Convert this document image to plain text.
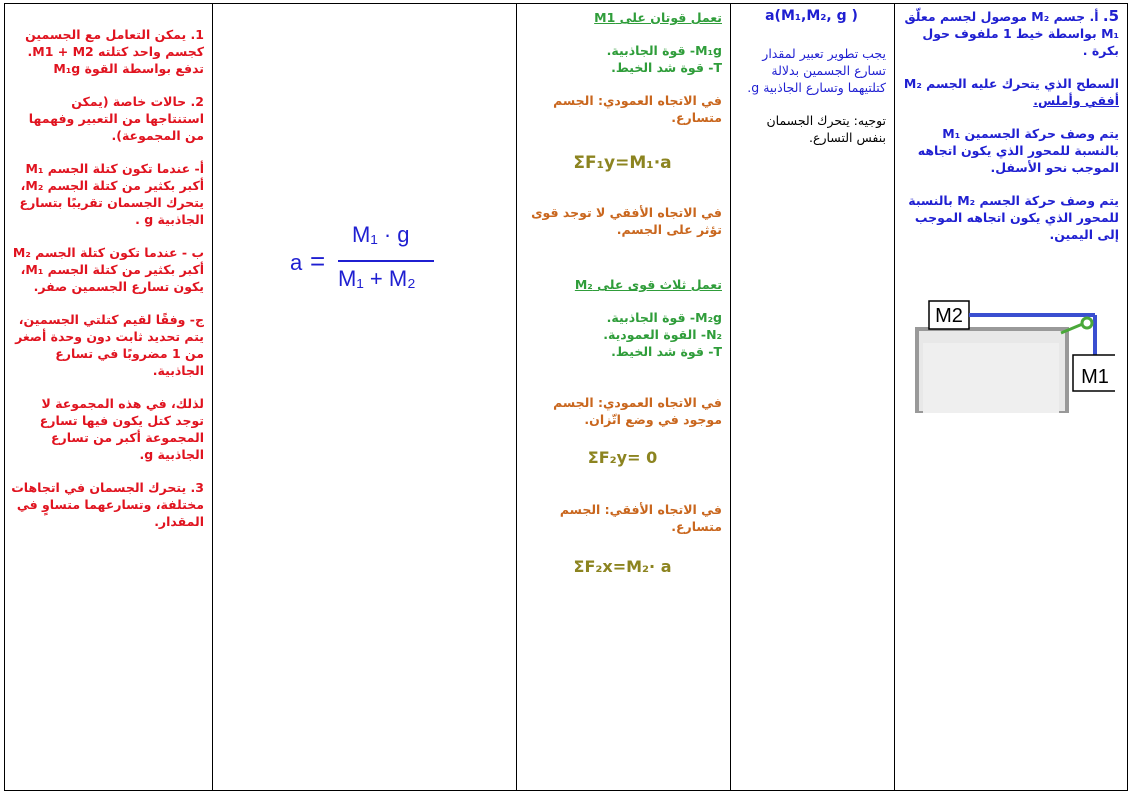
1. يمكن التعامل مع الجسمين كجسم واحد كتلته M1 + M2. تدفع بواسطة القوة M₁g

2. حالات خاصة (يمكن استنتاجها من التعبير وفهمها من المجموعة).

أ- عندما تكون كتلة الجسم M₁ أكبر بكثير من كتلة الجسم M₂، يتحرك الجسمان تقريبًا بتسارع الجاذبية g .

ب - عندما تكون كتلة الجسم M₂ أكبر بكثير من كتلة الجسم M₁، يكون تسارع الجسمين صفر.

ج- وفقًا لقيم كتلتي الجسمين، يتم تحديد ثابت دون وحدة أصغر من 1 مضروبًا في تسارع الجاذبية.

لذلك، في هذه المجموعة لا توجد كتل يكون فيها تسارع المجموعة أكبر من تسارع الجاذبية g.

3. يتحرك الجسمان في اتجاهات مختلفة، وتسارعهما متساوٍ في المقدار.

تعمل قوتان على M1

M₁g- قوة الجاذبية.

T- قوة شد الخيط.

في الاتجاه العمودي: الجسم متسارع.

ΣF₁y=M₁·a

في الاتجاه الأفقي لا توجد قوى تؤثر على الجسم.

تعمل ثلاث قوى على M₂

M₂g- قوة الجاذبية.

N₂- القوة العمودية.

T- قوة شد الخيط.

في الاتجاه العمودي: الجسم موجود في وضع اتّزان.

ΣF₂y= 0

في الاتجاه الأفقي: الجسم متسارع.

ΣF₂x=M₂· a

a(M₁,M₂, g )

يجب تطوير تعبير لمقدار تسارع الجسمين بدلالة كتلتيهما وتسارع الجاذبية g.

توجيه: يتحرك الجسمان بنفس التسارع.

5. أ. جسم M₂ موصول لجسم معلّق M₁ بواسطة خيط 1 ملفوف حول بكرة .

السطح الذي يتحرك عليه الجسم M₂ أفقي وأملس.

يتم وصف حركة الجسمين M₁ بالنسبة للمحور الذي يكون اتجاهه الموجب نحو الأسفل.

يتم وصف حركة الجسم M₂ بالنسبة للمحور الذي يكون اتجاهه الموجب إلى اليمين.

M2
M1
a =
M₁ · g
M₁ + M₂
